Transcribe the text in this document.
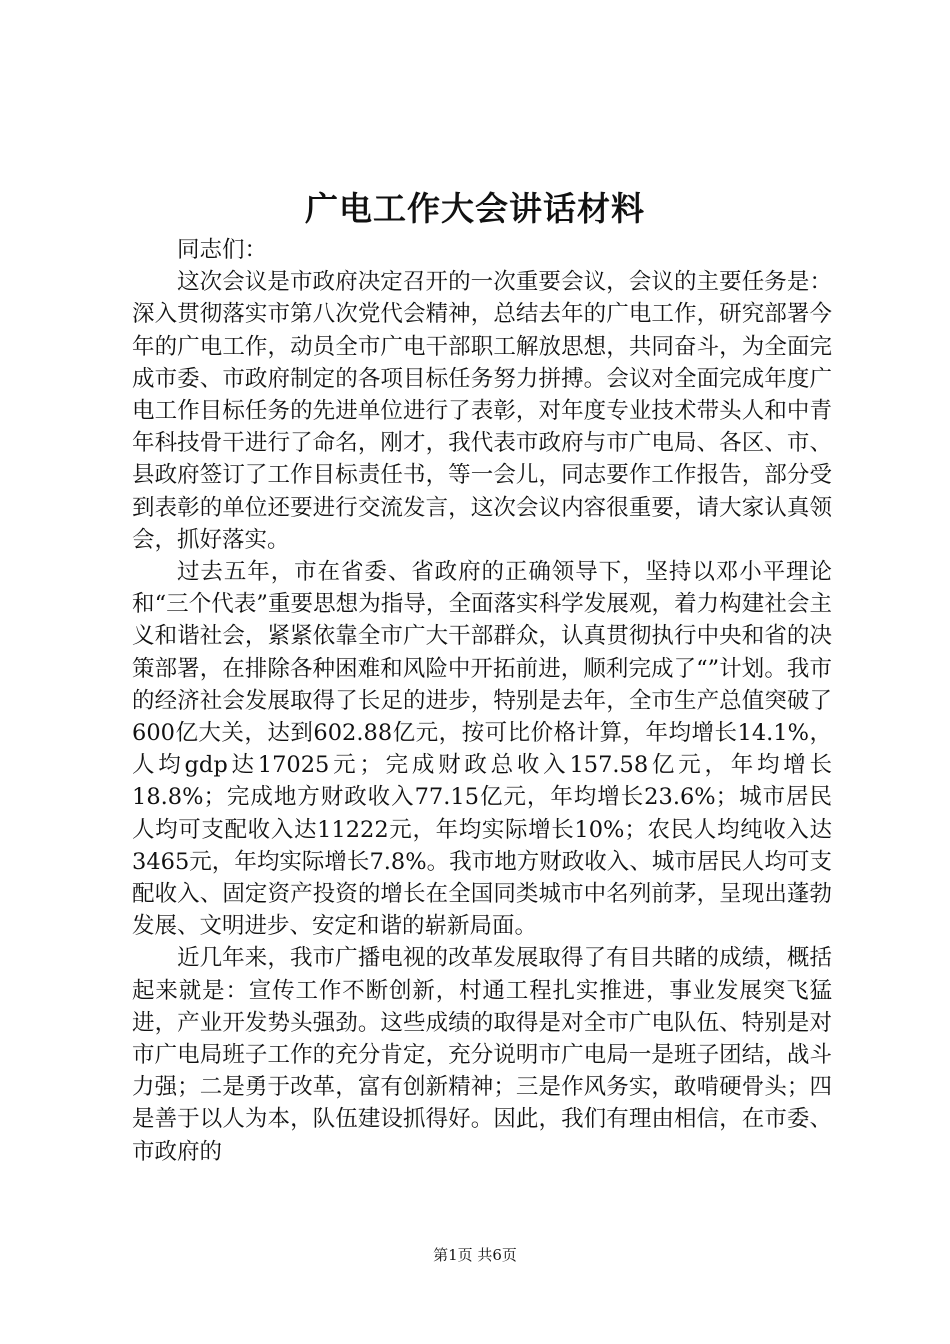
广电工作大会讲话材料

同志们：

这次会议是市政府决定召开的一次重要会议，会议的主要任务是：深入贯彻落实市第八次党代会精神，总结去年的广电工作，研究部署今年的广电工作，动员全市广电干部职工解放思想，共同奋斗，为全面完成市委、市政府制定的各项目标任务努力拼搏。会议对全面完成年度广电工作目标任务的先进单位进行了表彰，对年度专业技术带头人和中青年科技骨干进行了命名，刚才，我代表市政府与市广电局、各区、市、县政府签订了工作目标责任书，等一会儿，同志要作工作报告，部分受到表彰的单位还要进行交流发言，这次会议内容很重要，请大家认真领会，抓好落实。

过去五年，市在省委、省政府的正确领导下，坚持以邓小平理论和“三个代表”重要思想为指导，全面落实科学发展观，着力构建社会主义和谐社会，紧紧依靠全市广大干部群众，认真贯彻执行中央和省的决策部署，在排除各种困难和风险中开拓前进，顺利完成了“”计划。我市的经济社会发展取得了长足的进步，特别是去年，全市生产总值突破了600亿大关，达到602.88亿元，按可比价格计算，年均增长14.1%，人均gdp达17025元；完成财政总收入157.58亿元，年均增长18.8%；完成地方财政收入77.15亿元，年均增长23.6%；城市居民人均可支配收入达11222元，年均实际增长10%；农民人均纯收入达3465元，年均实际增长7.8%。我市地方财政收入、城市居民人均可支配收入、固定资产投资的增长在全国同类城市中名列前茅，呈现出蓬勃发展、文明进步、安定和谐的崭新局面。

近几年来，我市广播电视的改革发展取得了有目共睹的成绩，概括起来就是：宣传工作不断创新，村通工程扎实推进，事业发展突飞猛进，产业开发势头强劲。这些成绩的取得是对全市广电队伍、特别是对市广电局班子工作的充分肯定，充分说明市广电局一是班子团结，战斗力强；二是勇于改革，富有创新精神；三是作风务实，敢啃硬骨头；四是善于以人为本，队伍建设抓得好。因此，我们有理由相信，在市委、市政府的

第1页 共6页
